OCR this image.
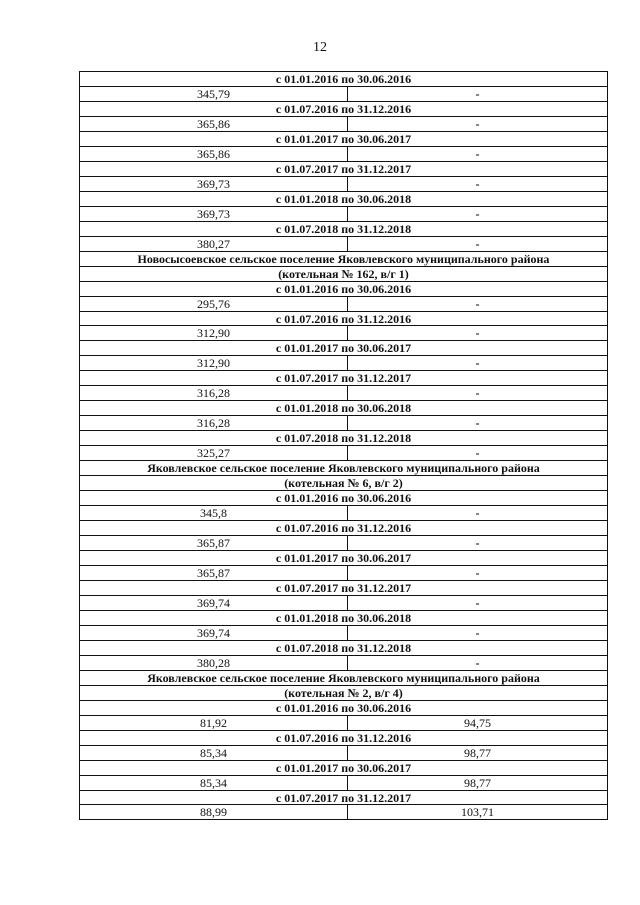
12
с 01.01.2016 по 30.06.2016
345,79	-
с 01.07.2016 по 31.12.2016
365,86	-
с 01.01.2017 по 30.06.2017
365,86	-
с 01.07.2017 по 31.12.2017
369,73	-
с 01.01.2018 по 30.06.2018
369,73	-
с 01.07.2018 по 31.12.2018
380,27	-
Новосысоевское сельское поселение Яковлевского муниципального района
(котельная № 162, в/г 1)
с 01.01.2016 по 30.06.2016
295,76	-
с 01.07.2016 по 31.12.2016
312,90	-
с 01.01.2017 по 30.06.2017
312,90	-
с 01.07.2017 по 31.12.2017
316,28	-
с 01.01.2018 по 30.06.2018
316,28	-
с 01.07.2018 по 31.12.2018
325,27	-
Яковлевское сельское поселение Яковлевского муниципального района
(котельная № 6, в/г 2)
с 01.01.2016 по 30.06.2016
345,8	-
с 01.07.2016 по 31.12.2016
365,87	-
с 01.01.2017 по 30.06.2017
365,87	-
с 01.07.2017 по 31.12.2017
369,74	-
с 01.01.2018 по 30.06.2018
369,74	-
с 01.07.2018 по 31.12.2018
380,28	-
Яковлевское сельское поселение Яковлевского муниципального района
(котельная № 2, в/г 4)
с 01.01.2016 по 30.06.2016
81,92	94,75
с 01.07.2016 по 31.12.2016
85,34	98,77
с 01.01.2017 по 30.06.2017
85,34	98,77
с 01.07.2017 по 31.12.2017
88,99	103,71
